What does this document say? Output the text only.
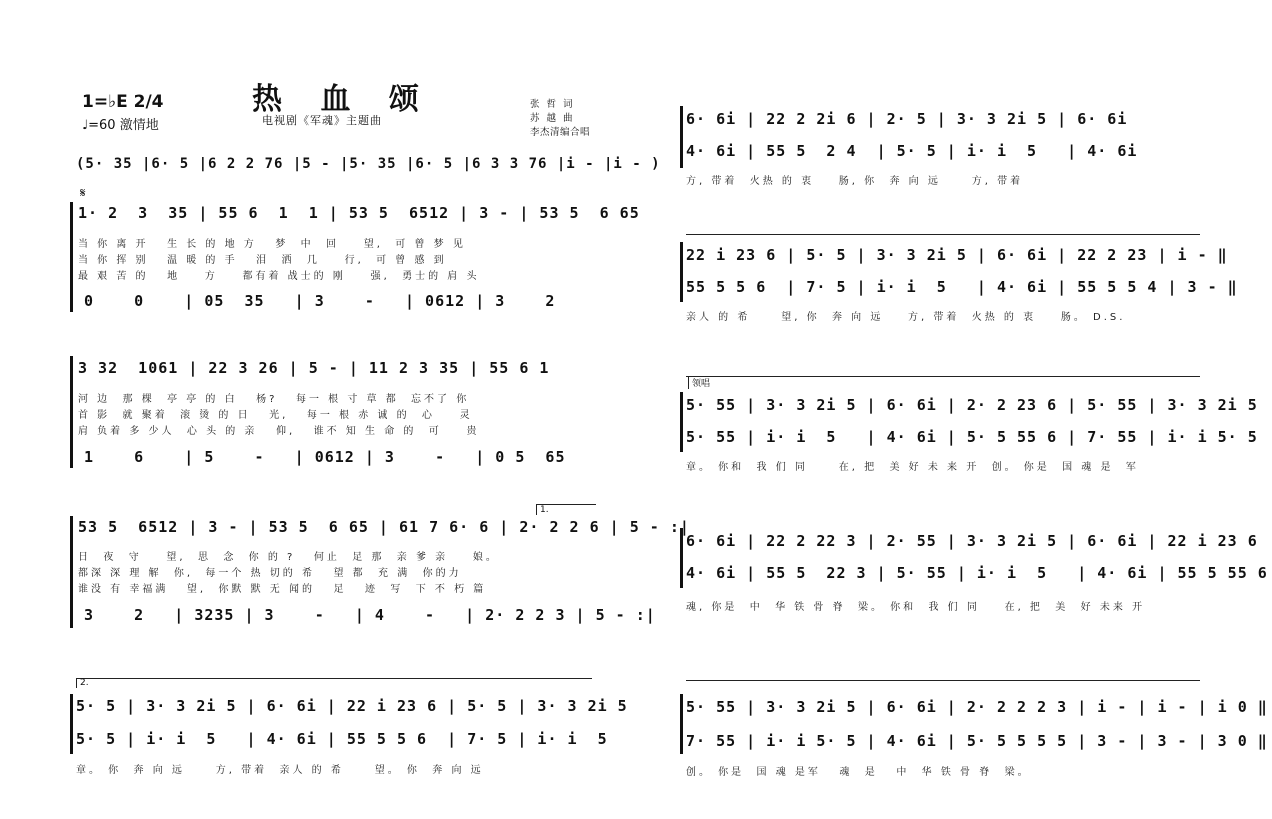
1=♭E 2/4
♩=60 激情地
热 血 颂
电视剧《军魂》主题曲
张 哲 词
苏 越 曲
李杰清编合唱
(5· 35 |6· 5 |6 2 2 76 |5 - |5· 35 |6· 5 |6 3 3 76 |i - |i - )
𝄋
1· 2  3  35 | 55 6  1  1 | 53 5  6512 | 3 - | 53 5  6 65
当 你 离 开   生 长 的 地 方   梦  中  回    望,  可 曾 梦 见
当 你 挥 别   温 暖 的 手   泪  洒  几    行,  可 曾 感 到
最 艰 苦 的   地    方    都有着 战士的 刚    强,  勇士的 肩 头
0    0    | 05  35   | 3    -   | 0612 | 3    2
3 32  1061 | 22 3 26 | 5 - | 11 2 3 35 | 55 6 1
河 边  那 棵  亭 亭 的 白   杨?   每一 根 寸 草 都  忘不了 你
首 影  就 聚着  滚 烫 的 日   光,   每一 根 赤 诚 的  心    灵
肩 负着 多 少人  心 头 的 亲   仰,   谁不 知 生 命 的  可    贵
1    6    | 5    -   | 0612 | 3    -   | 0 5  65
1.
53 5  6512 | 3 - | 53 5  6 65 | 61 7 6· 6 | 2· 2 2 6 | 5 - :|
日  夜  守    望,  思  念  你 的 ?   何止  足 那  亲 爹 亲    娘。
都深 深 理 解  你,  每一个 热 切的 希   望 都  充 满  你的力
谁没 有 幸福满   望,  你默 默 无 闻的   足   迹  写  下 不 朽 篇
3    2   | 3235 | 3    -   | 4    -   | 2· 2 2 3 | 5 - :|
2.
5· 5 | 3· 3 2i 5 | 6· 6i | 22 i 23 6 | 5· 5 | 3· 3 2i 5
5· 5 | i· i  5   | 4· 6i | 55 5 5 6  | 7· 5 | i· i  5
章。 你  奔 向 远     方, 带着  亲人 的 希     望。 你  奔 向 远
6· 6i | 22 2 2i 6 | 2· 5 | 3· 3 2i 5 | 6· 6i
4· 6i | 55 5  2 4  | 5· 5 | i· i  5   | 4· 6i
方, 带着  火热 的 衷    肠, 你  奔 向 远     方, 带着
22 i 23 6 | 5· 5 | 3· 3 2i 5 | 6· 6i | 22 2 23 | i - ‖
55 5 5 6  | 7· 5 | i· i  5   | 4· 6i | 55 5 5 4 | 3 - ‖
亲人 的 希     望, 你  奔 向 远    方, 带着  火热 的 衷    肠。 D.S.
领唱
5· 55 | 3· 3 2i 5 | 6· 6i | 2· 2 23 6 | 5· 55 | 3· 3 2i 5
5· 55 | i· i  5   | 4· 6i | 5· 5 55 6 | 7· 55 | i· i 5· 5
章。 你和  我 们 同     在, 把  美 好 未 来 开  创。 你是  国 魂 是  军
6· 6i | 22 2 22 3 | 2· 55 | 3· 3 2i 5 | 6· 6i | 22 i 23 6
4· 6i | 55 5  22 3 | 5· 55 | i· i  5   | 4· 6i | 55 5 55 6
魂, 你是  中  华 铁 骨 脊  梁。 你和  我 们 同    在, 把  美  好 未来 开
5· 55 | 3· 3 2i 5 | 6· 6i | 2· 2 2 2 3 | i - | i - | i 0 ‖
7· 55 | i· i 5· 5 | 4· 6i | 5· 5 5 5 5 | 3 - | 3 - | 3 0 ‖
创。 你是  国 魂 是军   魂  是   中  华 铁 骨 脊  梁。
